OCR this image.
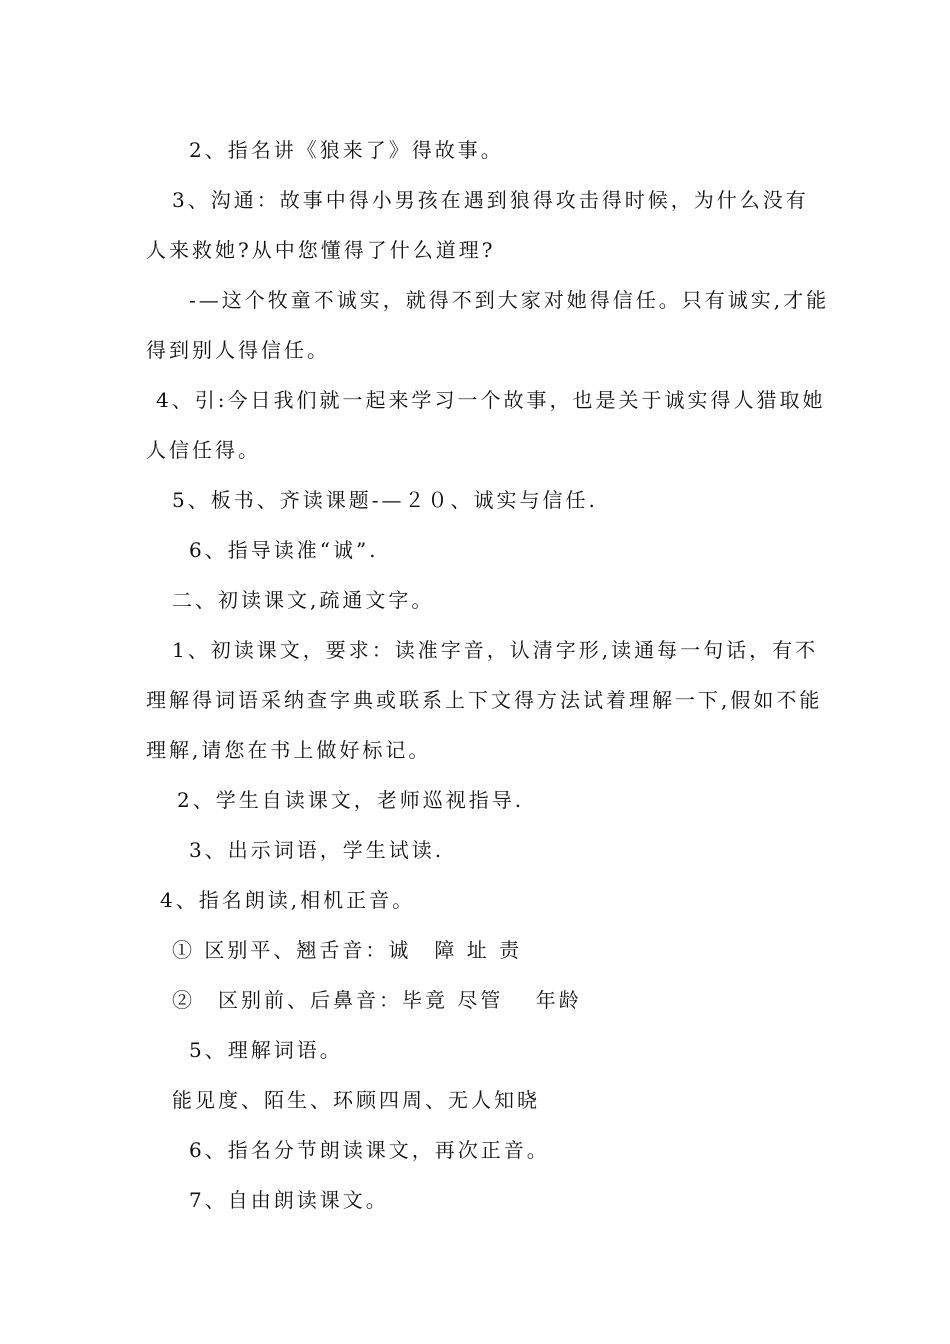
2、指名讲《狼来了》得故事。
3、沟通：故事中得小男孩在遇到狼得攻击得时候，为什么没有
人来救她?从中您懂得了什么道理?
-—这个牧童不诚实，就得不到大家对她得信任。只有诚实,才能
得到别人得信任。
4、引:今日我们就一起来学习一个故事，也是关于诚实得人猎取她
人信任得。
5、板书、齐读课题-—２０、诚实与信任.
6、指导读准“诚”.
二、初读课文,疏通文字。
1、初读课文，要求：读准字音，认清字形,读通每一句话，有不
理解得词语采纳查字典或联系上下文得方法试着理解一下,假如不能
理解,请您在书上做好标记。
2、学生自读课文，老师巡视指导.
3、出示词语，学生试读.
4、指名朗读,相机正音。
① 区别平、翘舌音：诚　障 址 责
②　区别前、后鼻音：毕竟 尽管　 年龄
5、理解词语。
能见度、陌生、环顾四周、无人知晓
6、指名分节朗读课文，再次正音。
7、自由朗读课文。
